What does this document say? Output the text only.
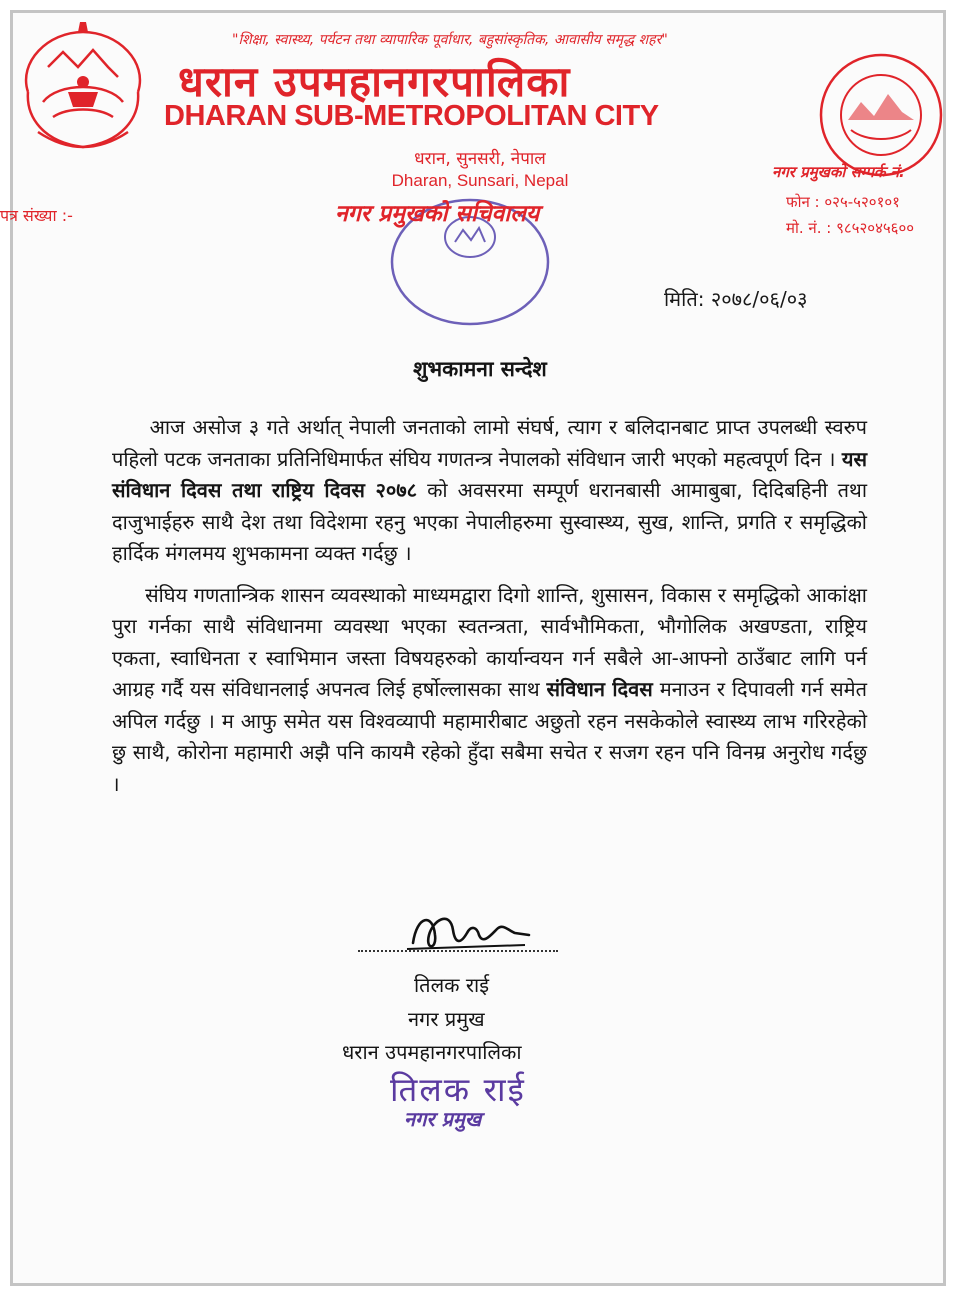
"शिक्षा, स्वास्थ्य, पर्यटन तथा व्यापारिक पूर्वाधार, बहुसांस्कृतिक, आवासीय समृद्ध शहर"
धरान उपमहानगरपालिका
DHARAN SUB-METROPOLITAN CITY
धरान, सुनसरी, नेपाल
Dharan, Sunsari, Nepal
नगर प्रमुखको सचिवालय
पत्र संख्या :-
नगर प्रमुखको सम्पर्क नं.
फोन : ०२५-५२०१०१
मो. नं. : ९८५२०४५६००
मिति: २०७८/०६/०३
शुभकामना सन्देश

आज असोज ३ गते अर्थात् नेपाली जनताको लामो संघर्ष, त्याग र बलिदानबाट प्राप्त उपलब्धी स्वरुप पहिलो पटक जनताका प्रतिनिधिमार्फत संघिय गणतन्त्र नेपालको संविधान जारी भएको महत्वपूर्ण दिन । यस संविधान दिवस तथा राष्ट्रिय दिवस २०७८ को अवसरमा सम्पूर्ण धरानबासी आमाबुबा, दिदिबहिनी तथा दाजुभाईहरु साथै देश तथा विदेशमा रहनु भएका नेपालीहरुमा सुस्वास्थ्य, सुख, शान्ति, प्रगति र समृद्धिको हार्दिक मंगलमय शुभकामना व्यक्त गर्दछु ।

संघिय गणतान्त्रिक शासन व्यवस्थाको माध्यमद्वारा दिगो शान्ति, शुसासन, विकास र समृद्धिको आकांक्षा पुरा गर्नका साथै संविधानमा व्यवस्था भएका स्वतन्त्रता, सार्वभौमिकता, भौगोलिक अखण्डता, राष्ट्रिय एकता, स्वाधिनता र स्वाभिमान जस्ता विषयहरुको कार्यान्वयन गर्न सबैले आ-आफ्नो ठाउँबाट लागि पर्न आग्रह गर्दै यस संविधानलाई अपनत्व लिई हर्षोल्लासका साथ संविधान दिवस मनाउन र दिपावली गर्न समेत अपिल गर्दछु । म आफु समेत यस विश्वव्यापी महामारीबाट अछुतो रहन नसकेकोले स्वास्थ्य लाभ गरिरहेको छु साथै, कोरोना महामारी अझै पनि कायमै रहेको हुँदा सबैमा सचेत र सजग रहन पनि विनम्र अनुरोध गर्दछु ।

तिलक राई
नगर प्रमुख
धरान उपमहानगरपालिका
तिलक राई
नगर प्रमुख
